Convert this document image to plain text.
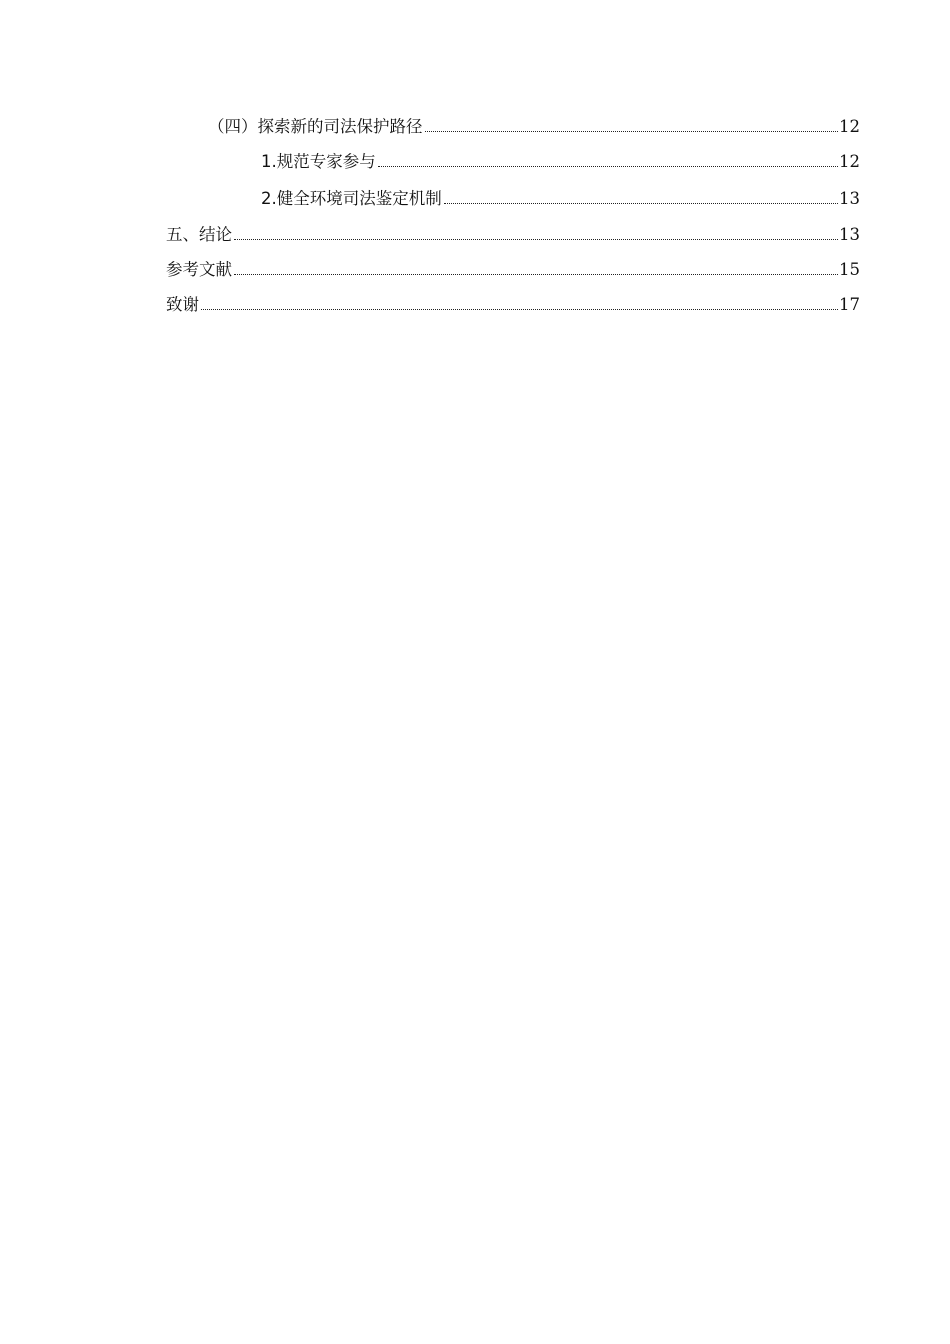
（四）探索新的司法保护路径	12
1.规范专家参与	12
2.健全环境司法鉴定机制	13
五、结论	13
参考文献	15
致谢	17
